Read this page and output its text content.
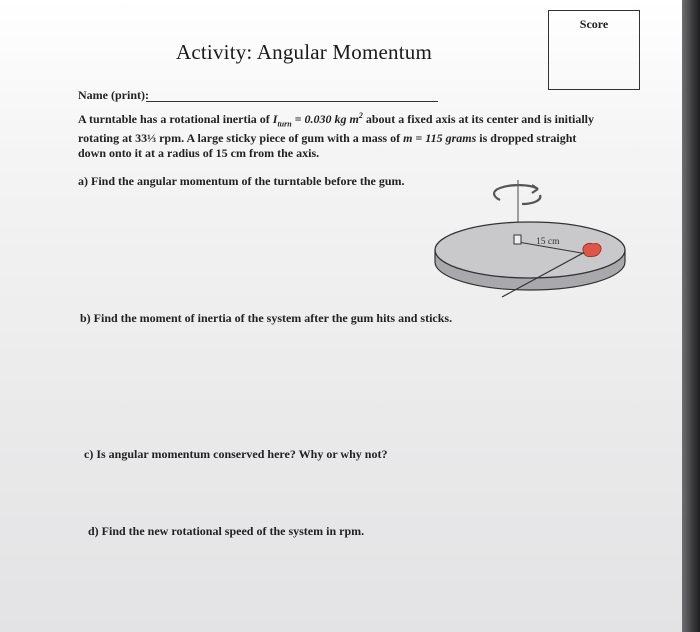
Score
Activity: Angular Momentum
Name (print):
A turntable has a rotational inertia of $I_{turn} = 0.030$ kg $m^2$ about a fixed axis at its center and is initially rotating at 33⅓ rpm. A large sticky piece of gum with a mass of m = 115 grams is dropped straight down onto it at a radius of 15 cm from the axis.
a) Find the angular momentum of the turntable before the gum.
b) Find the moment of inertia of the system after the gum hits and sticks.
c) Is angular momentum conserved here? Why or why not?
d) Find the new rotational speed of the system in rpm.
15 cm
